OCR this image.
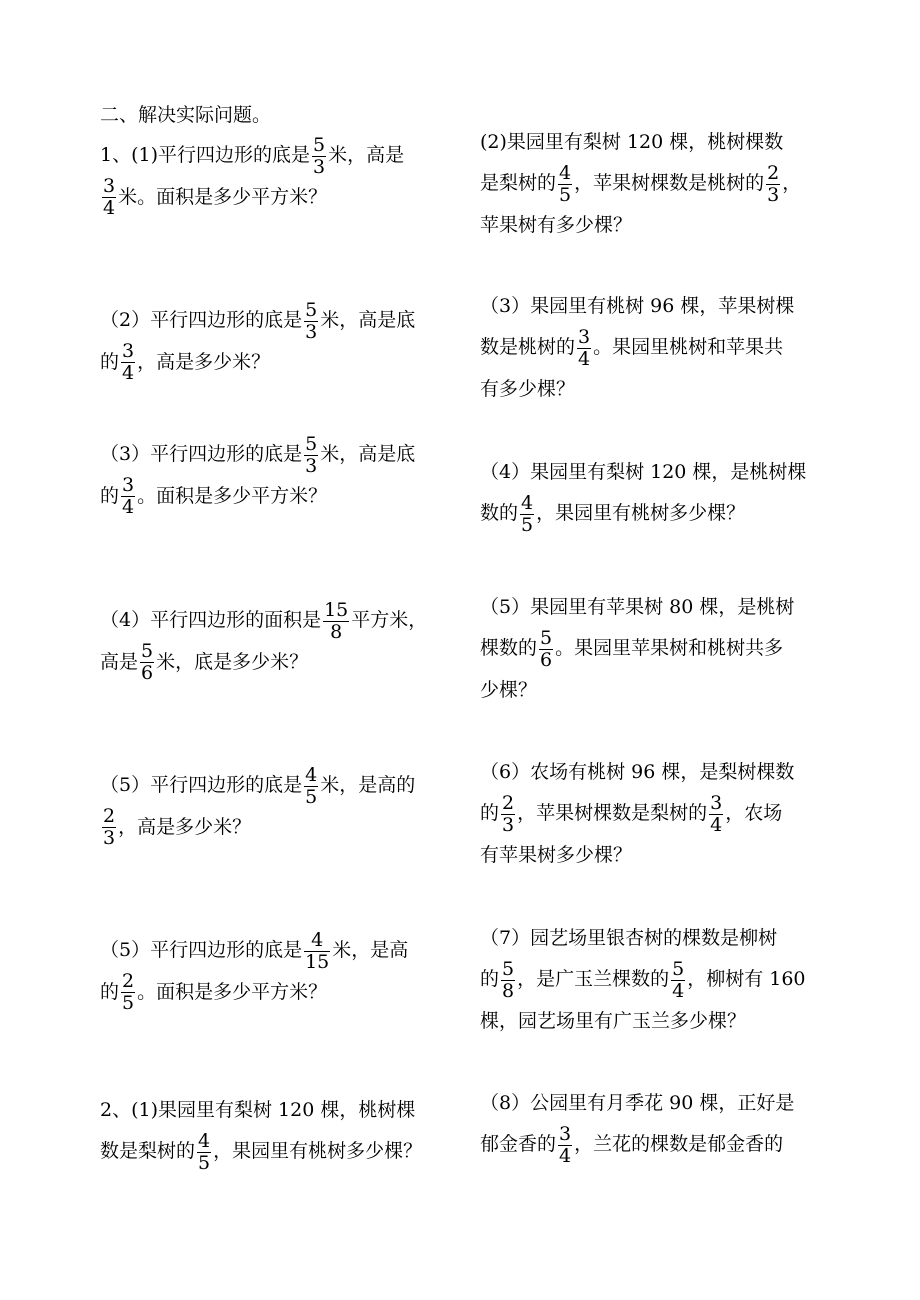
二、解决实际问题。
1、(1)平行四边形的底是 $\frac{5}{3}$ 米，高是
$\frac{3}{4}$ 米。面积是多少平方米？
（2）平行四边形的底是 $\frac{5}{3}$ 米，高是底
的 $\frac{3}{4}$ ，高是多少米？
（3）平行四边形的底是 $\frac{5}{3}$ 米，高是底
的 $\frac{3}{4}$ 。面积是多少平方米？
（4）平行四边形的面积是 $\frac{15}{8}$ 平方米，
高是 $\frac{5}{6}$ 米，底是多少米？
（5）平行四边形的底是 $\frac{4}{5}$ 米，是高的
$\frac{2}{3}$ ，高是多少米？
（5）平行四边形的底是 $\frac{4}{15}$ 米，是高
的 $\frac{2}{5}$ 。面积是多少平方米？
2、(1)果园里有梨树 120 棵，桃树棵
数是梨树的 $\frac{4}{5}$ ，果园里有桃树多少棵？
(2)果园里有梨树 120 棵，桃树棵数
是梨树的 $\frac{4}{5}$ ，苹果树棵数是桃树的 $\frac{2}{3}$ ，
苹果树有多少棵？
（3）果园里有桃树 96 棵，苹果树棵
数是桃树的 $\frac{3}{4}$ 。果园里桃树和苹果共
有多少棵？
（4）果园里有梨树 120 棵，是桃树棵
数的 $\frac{4}{5}$ ，果园里有桃树多少棵？
（5）果园里有苹果树 80 棵，是桃树
棵数的 $\frac{5}{6}$ 。果园里苹果树和桃树共多
少棵？
（6）农场有桃树 96 棵，是梨树棵数
的 $\frac{2}{3}$ ，苹果树棵数是梨树的 $\frac{3}{4}$ ，农场
有苹果树多少棵？
（7）园艺场里银杏树的棵数是柳树
的 $\frac{5}{8}$ ，是广玉兰棵数的 $\frac{5}{4}$ ，柳树有 160
棵，园艺场里有广玉兰多少棵？
（8）公园里有月季花 90 棵，正好是
郁金香的 $\frac{3}{4}$ ，兰花的棵数是郁金香的
